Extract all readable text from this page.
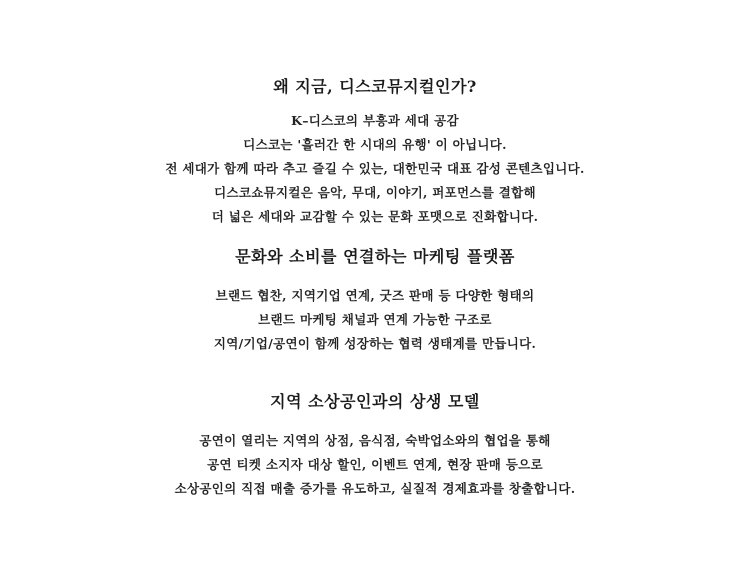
왜 지금, 디스코뮤지컬인가?

K–디스코의 부흥과 세대 공감

디스코는 '흘러간 한 시대의 유행' 이 아닙니다.

전 세대가 함께 따라 추고 즐길 수 있는, 대한민국 대표 감성 콘텐츠입니다.

디스코쇼뮤지컬은 음악, 무대, 이야기, 퍼포먼스를 결합해

더 넓은 세대와 교감할 수 있는 문화 포맷으로 진화합니다.

문화와 소비를 연결하는 마케팅 플랫폼

브랜드 협찬, 지역기업 연계, 굿즈 판매 등 다양한 형태의

브랜드 마케팅 채널과 연계 가능한 구조로

지역/기업/공연이 함께 성장하는 협력 생태계를 만듭니다.

지역 소상공인과의 상생 모델

공연이 열리는 지역의 상점, 음식점, 숙박업소와의 협업을 통해

공연 티켓 소지자 대상 할인, 이벤트 연계, 현장 판매 등으로

소상공인의 직접 매출 증가를 유도하고, 실질적 경제효과를 창출합니다.
